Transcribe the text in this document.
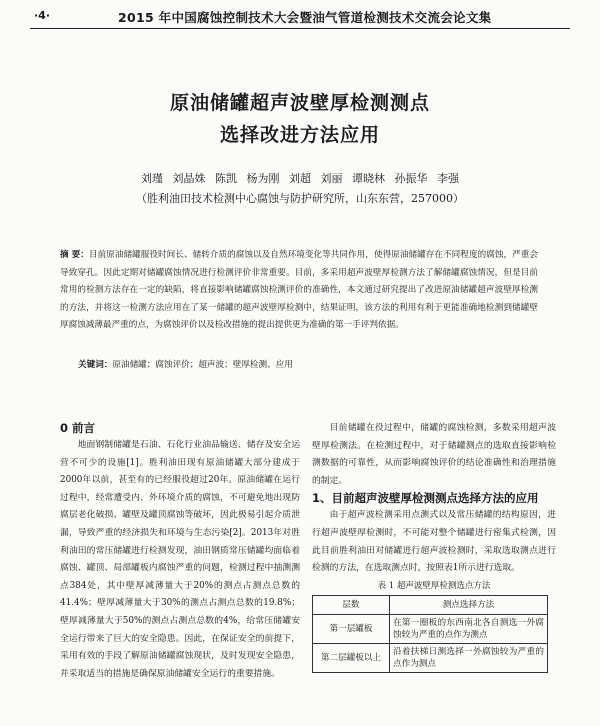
·4·	2015 年中国腐蚀控制技术大会暨油气管道检测技术交流会论文集
原油储罐超声波壁厚检测测点
选择改进方法应用
刘瑾 刘晶姝 陈凯 杨为刚 刘超 刘丽 谭晓林 孙振华 李强
（胜利油田技术检测中心腐蚀与防护研究所，山东东营，257000）
摘 要：目前原油储罐服役时间长、储转介质的腐蚀以及自然环境变化等共同作用，使得原油储罐存在不同程度的腐蚀，严重会导致穿孔。因此定期对储罐腐蚀情况进行检测评价非常重要。目前，多采用超声波壁厚检测方法了解储罐腐蚀情况，但是目前常用的检测方法存在一定的缺陷，将直接影响储罐腐蚀检测评价的准确性，本文通过研究提出了改进原油储罐超声波壁厚检测的方法，并将这一检测方法应用在了某一储罐的超声波壁厚检测中，结果证明，该方法的利用有利于更能准确地检测到储罐壁厚腐蚀减薄最严重的点，为腐蚀评价以及检改措施的提出提供更为准确的第一手评判依据。
关键词：原油储罐；腐蚀评价；超声波；壁厚检测、应用

0 前言

地面钢制储罐是石油、石化行业油品输送、储存及安全运营不可少的设施[1]。胜利油田现有原油储罐大部分建成于2000年以前，甚至有的已经服役超过20年。原油储罐在运行过程中，经常遭受内、外环境介质的腐蚀，不可避免地出现防腐层老化破损、罐壁及罐顶腐蚀等破坏，因此极易引起介质泄漏，导致严重的经济损失和环境与生态污染[2]。2013年对胜利油田的常压储罐进行检测发现，油田钢质常压储罐均面临着腐蚀、罐顶、局部罐板内腐蚀严重的问题，检测过程中抽测测点384处，其中壁厚减薄量大于20%的测点占测点总数的41.4%；壁厚减薄量大于30%的测点占测点总数的19.8%；壁厚减薄量大于50%的测点占测点总数的4%，给常压储罐安全运行带来了巨大的安全隐患。因此，在保证安全的前提下，采用有效的手段了解原油储罐腐蚀现状，及时发现安全隐患，并采取适当的措施是确保原油储罐安全运行的重要措施。

目前储罐在役过程中，储罐的腐蚀检测，多数采用超声波壁厚检测法。在检测过程中，对于储罐测点的选取直接影响检测数据的可靠性，从而影响腐蚀评价的结论准确性和治理措施的制定。

1、目前超声波壁厚检测测点选择方法的应用

由于超声波检测采用点测式以及常压储罐的结构原因，进行超声波壁厚检测时，不可能对整个储罐进行密集式检测，因此目前胜利油田对储罐进行超声波检测时，采取选取测点进行检测的方法，在选取测点时，按照表1所示进行选取。

表 1 超声波壁厚检测选点方法
层数	测点选择方法
第一层罐板	在第一圈板的东西南北各自测选一外腐蚀较为严重的点作为测点
第二层罐板以上	沿着扶梯日测选择一外腐蚀较为严重的点作为测点
